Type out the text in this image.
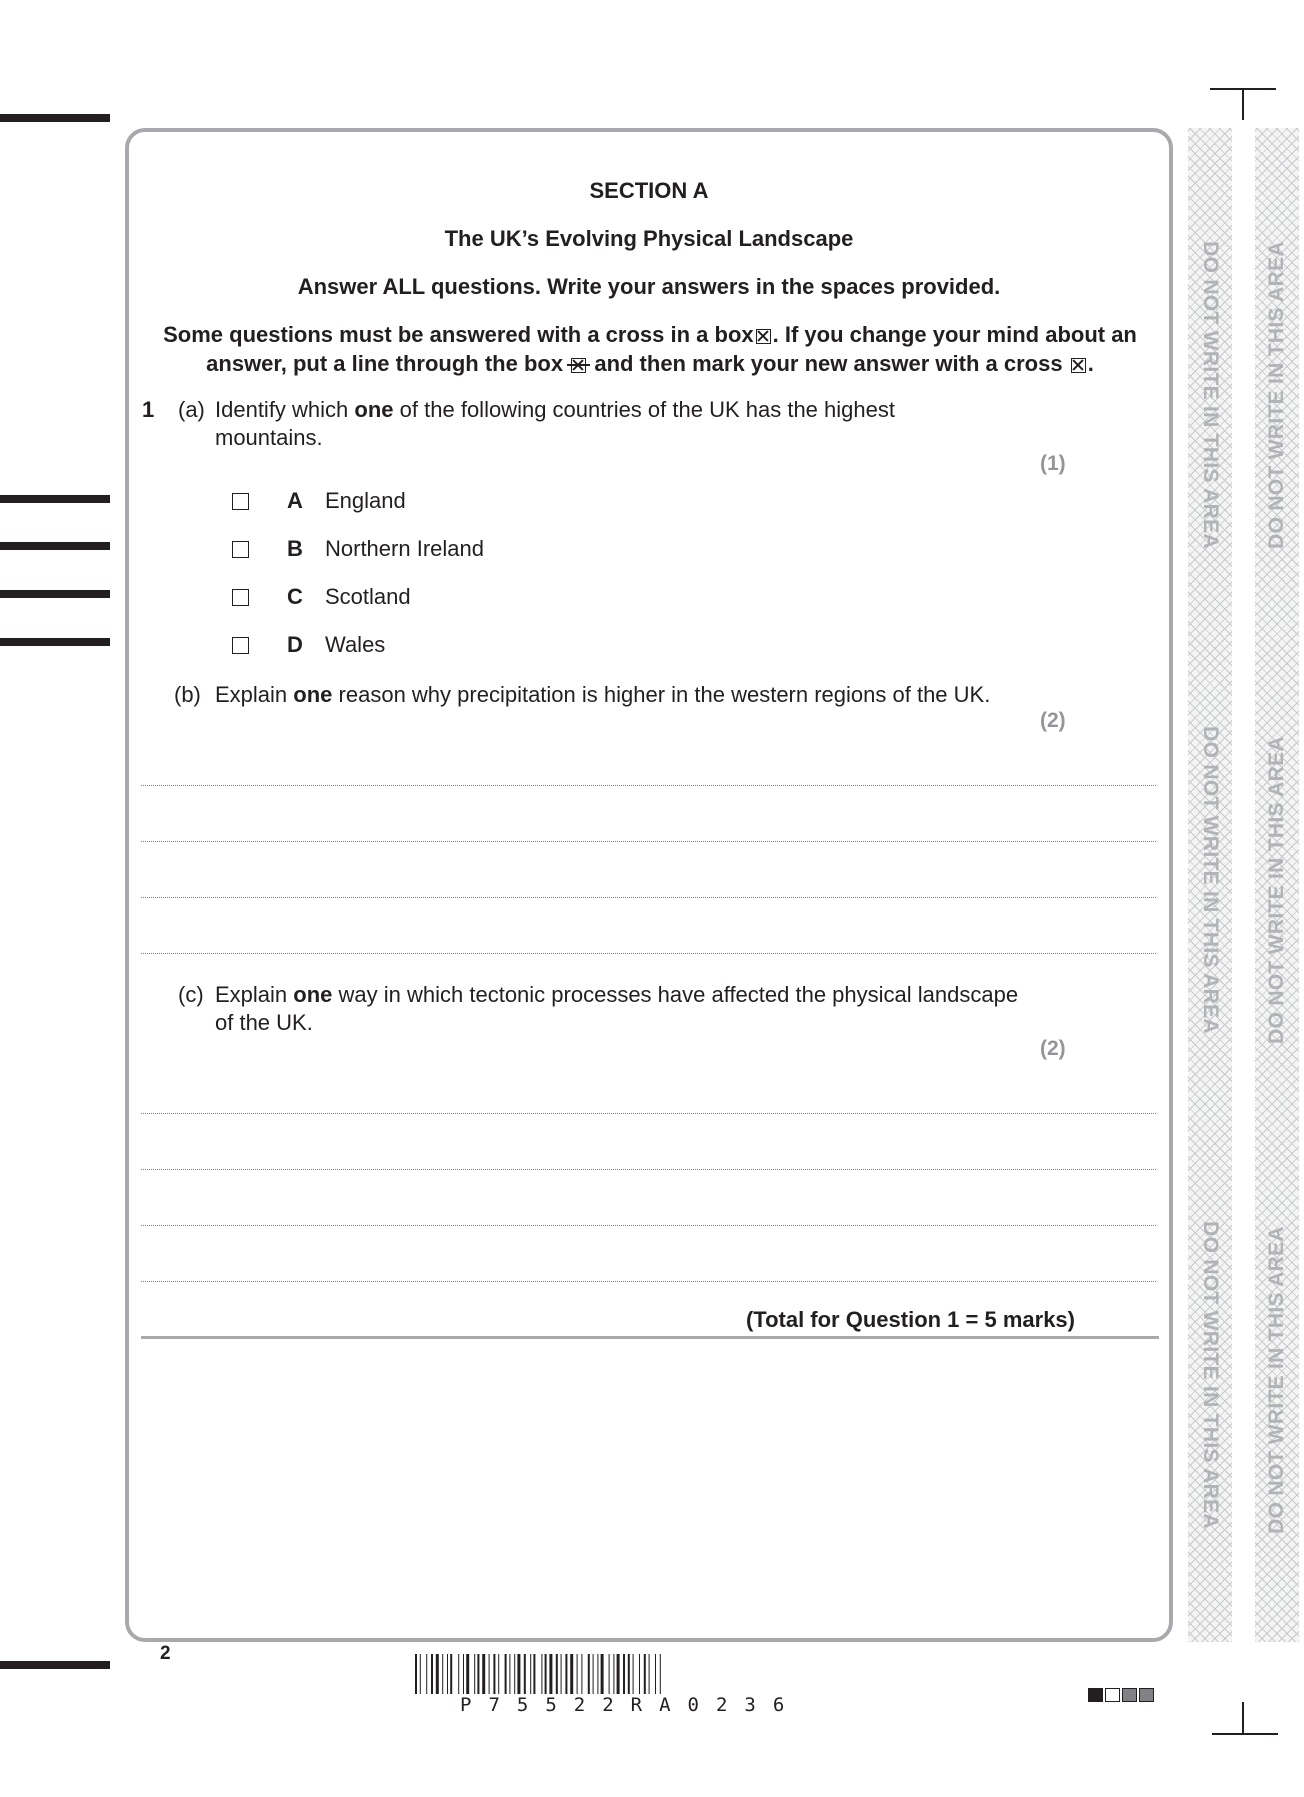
SECTION A
The UK’s Evolving Physical Landscape
Answer ALL questions. Write your answers in the spaces provided.
Some questions must be answered with a cross in a box ☒ . If you change your mind about an
answer, put a line through the box and then mark your new answer with a cross ☒ .
1 (a) Identify which one of the following countries of the UK has the highest
mountains.
(1)
A England
B Northern Ireland
C Scotland
D Wales
(b) Explain one reason why precipitation is higher in the western regions of the UK.
(2)
(c) Explain one way in which tectonic processes have affected the physical landscape
of the UK.
(2)
(Total for Question 1 = 5 marks)
DO NOT WRITE IN THIS AREA
DO NOT WRITE IN THIS AREA
DO NOT WRITE IN THIS AREA
DO NOT WRITE IN THIS AREA
DO NOT WRITE IN THIS AREA
DO NOT WRITE IN THIS AREA
2
P75522RA0236
